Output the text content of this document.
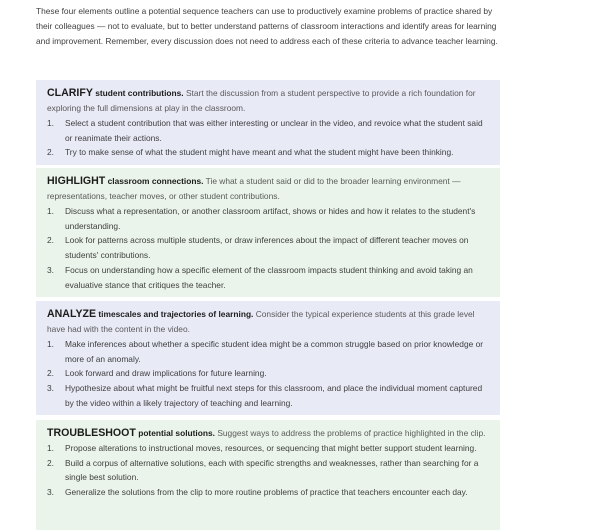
These four elements outline a potential sequence teachers can use to productively examine problems of practice shared by their colleagues — not to evaluate, but to better understand patterns of classroom interactions and identify areas for learning and improvement. Remember, every discussion does not need to address each of these criteria to advance teacher learning.

CLARIFY student contributions. Start the discussion from a student perspective to provide a rich foundation for exploring the full dimensions at play in the classroom.

1. Select a student contribution that was either interesting or unclear in the video, and revoice what the student said or reanimate their actions.
2. Try to make sense of what the student might have meant and what the student might have been thinking.

HIGHLIGHT classroom connections. Tie what a student said or did to the broader learning environment — representations, teacher moves, or other student contributions.

1. Discuss what a representation, or another classroom artifact, shows or hides and how it relates to the student's understanding.
2. Look for patterns across multiple students, or draw inferences about the impact of different teacher moves on students' contributions.
3. Focus on understanding how a specific element of the classroom impacts student thinking and avoid taking an evaluative stance that critiques the teacher.

ANALYZE timescales and trajectories of learning. Consider the typical experience students at this grade level have had with the content in the video.

1. Make inferences about whether a specific student idea might be a common struggle based on prior knowledge or more of an anomaly.
2. Look forward and draw implications for future learning.
3. Hypothesize about what might be fruitful next steps for this classroom, and place the individual moment captured by the video within a likely trajectory of teaching and learning.

TROUBLESHOOT potential solutions. Suggest ways to address the problems of practice highlighted in the clip.

1. Propose alterations to instructional moves, resources, or sequencing that might better support student learning.
2. Build a corpus of alternative solutions, each with specific strengths and weaknesses, rather than searching for a single best solution.
3. Generalize the solutions from the clip to more routine problems of practice that teachers encounter each day.
